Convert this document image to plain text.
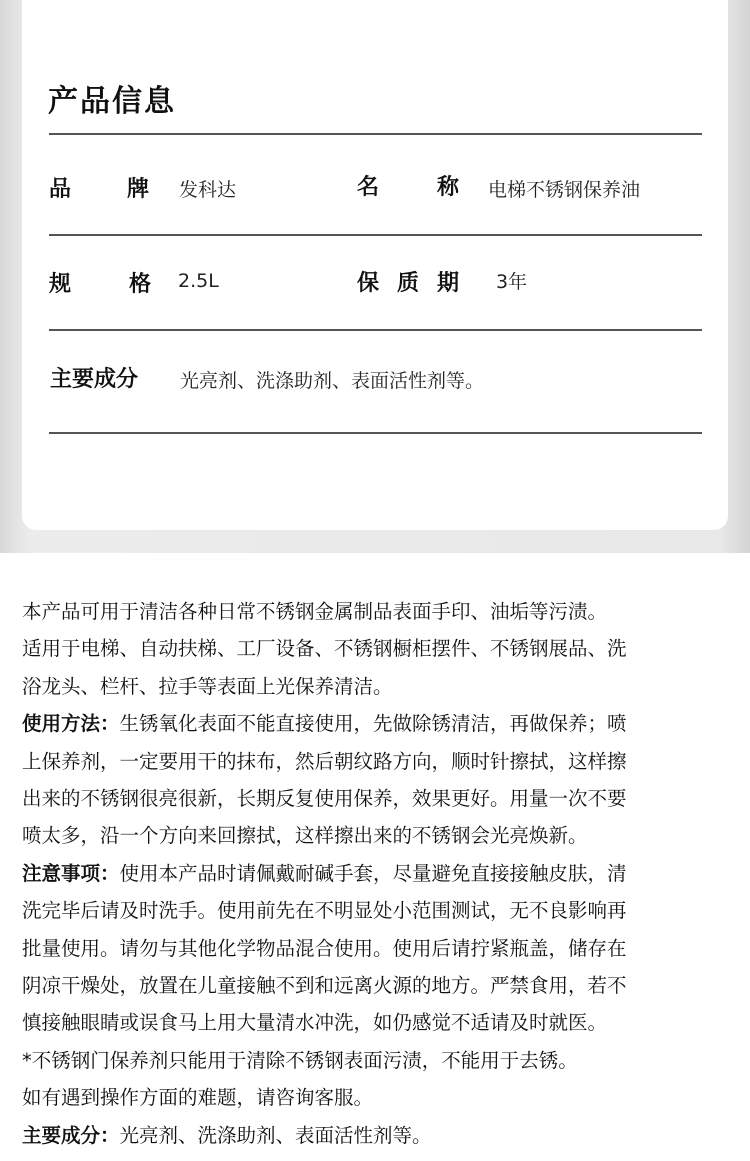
产品信息
品	牌 发科达	名	称 电梯不锈钢保养油
规	格 2.5L	保 质 期 3年
主要成分 光亮剂、洗涤助剂、表面活性剂等。

本产品可用于清洁各种日常不锈钢金属制品表面手印、油垢等污渍。

适用于电梯、自动扶梯、工厂设备、不锈钢橱柜摆件、不锈钢展品、洗

浴龙头、栏杆、拉手等表面上光保养清洁。

使用方法：生锈氧化表面不能直接使用，先做除锈清洁，再做保养；喷

上保养剂，一定要用干的抹布，然后朝纹路方向，顺时针擦拭，这样擦

出来的不锈钢很亮很新，长期反复使用保养，效果更好。用量一次不要

喷太多，沿一个方向来回擦拭，这样擦出来的不锈钢会光亮焕新。

注意事项：使用本产品时请佩戴耐碱手套，尽量避免直接接触皮肤，清

洗完毕后请及时洗手。使用前先在不明显处小范围测试，无不良影响再

批量使用。请勿与其他化学物品混合使用。使用后请拧紧瓶盖，储存在

阴凉干燥处，放置在儿童接触不到和远离火源的地方。严禁食用，若不

慎接触眼睛或误食马上用大量清水冲洗，如仍感觉不适请及时就医。

*不锈钢门保养剂只能用于清除不锈钢表面污渍，不能用于去锈。

如有遇到操作方面的难题，请咨询客服。

主要成分：光亮剂、洗涤助剂、表面活性剂等。
